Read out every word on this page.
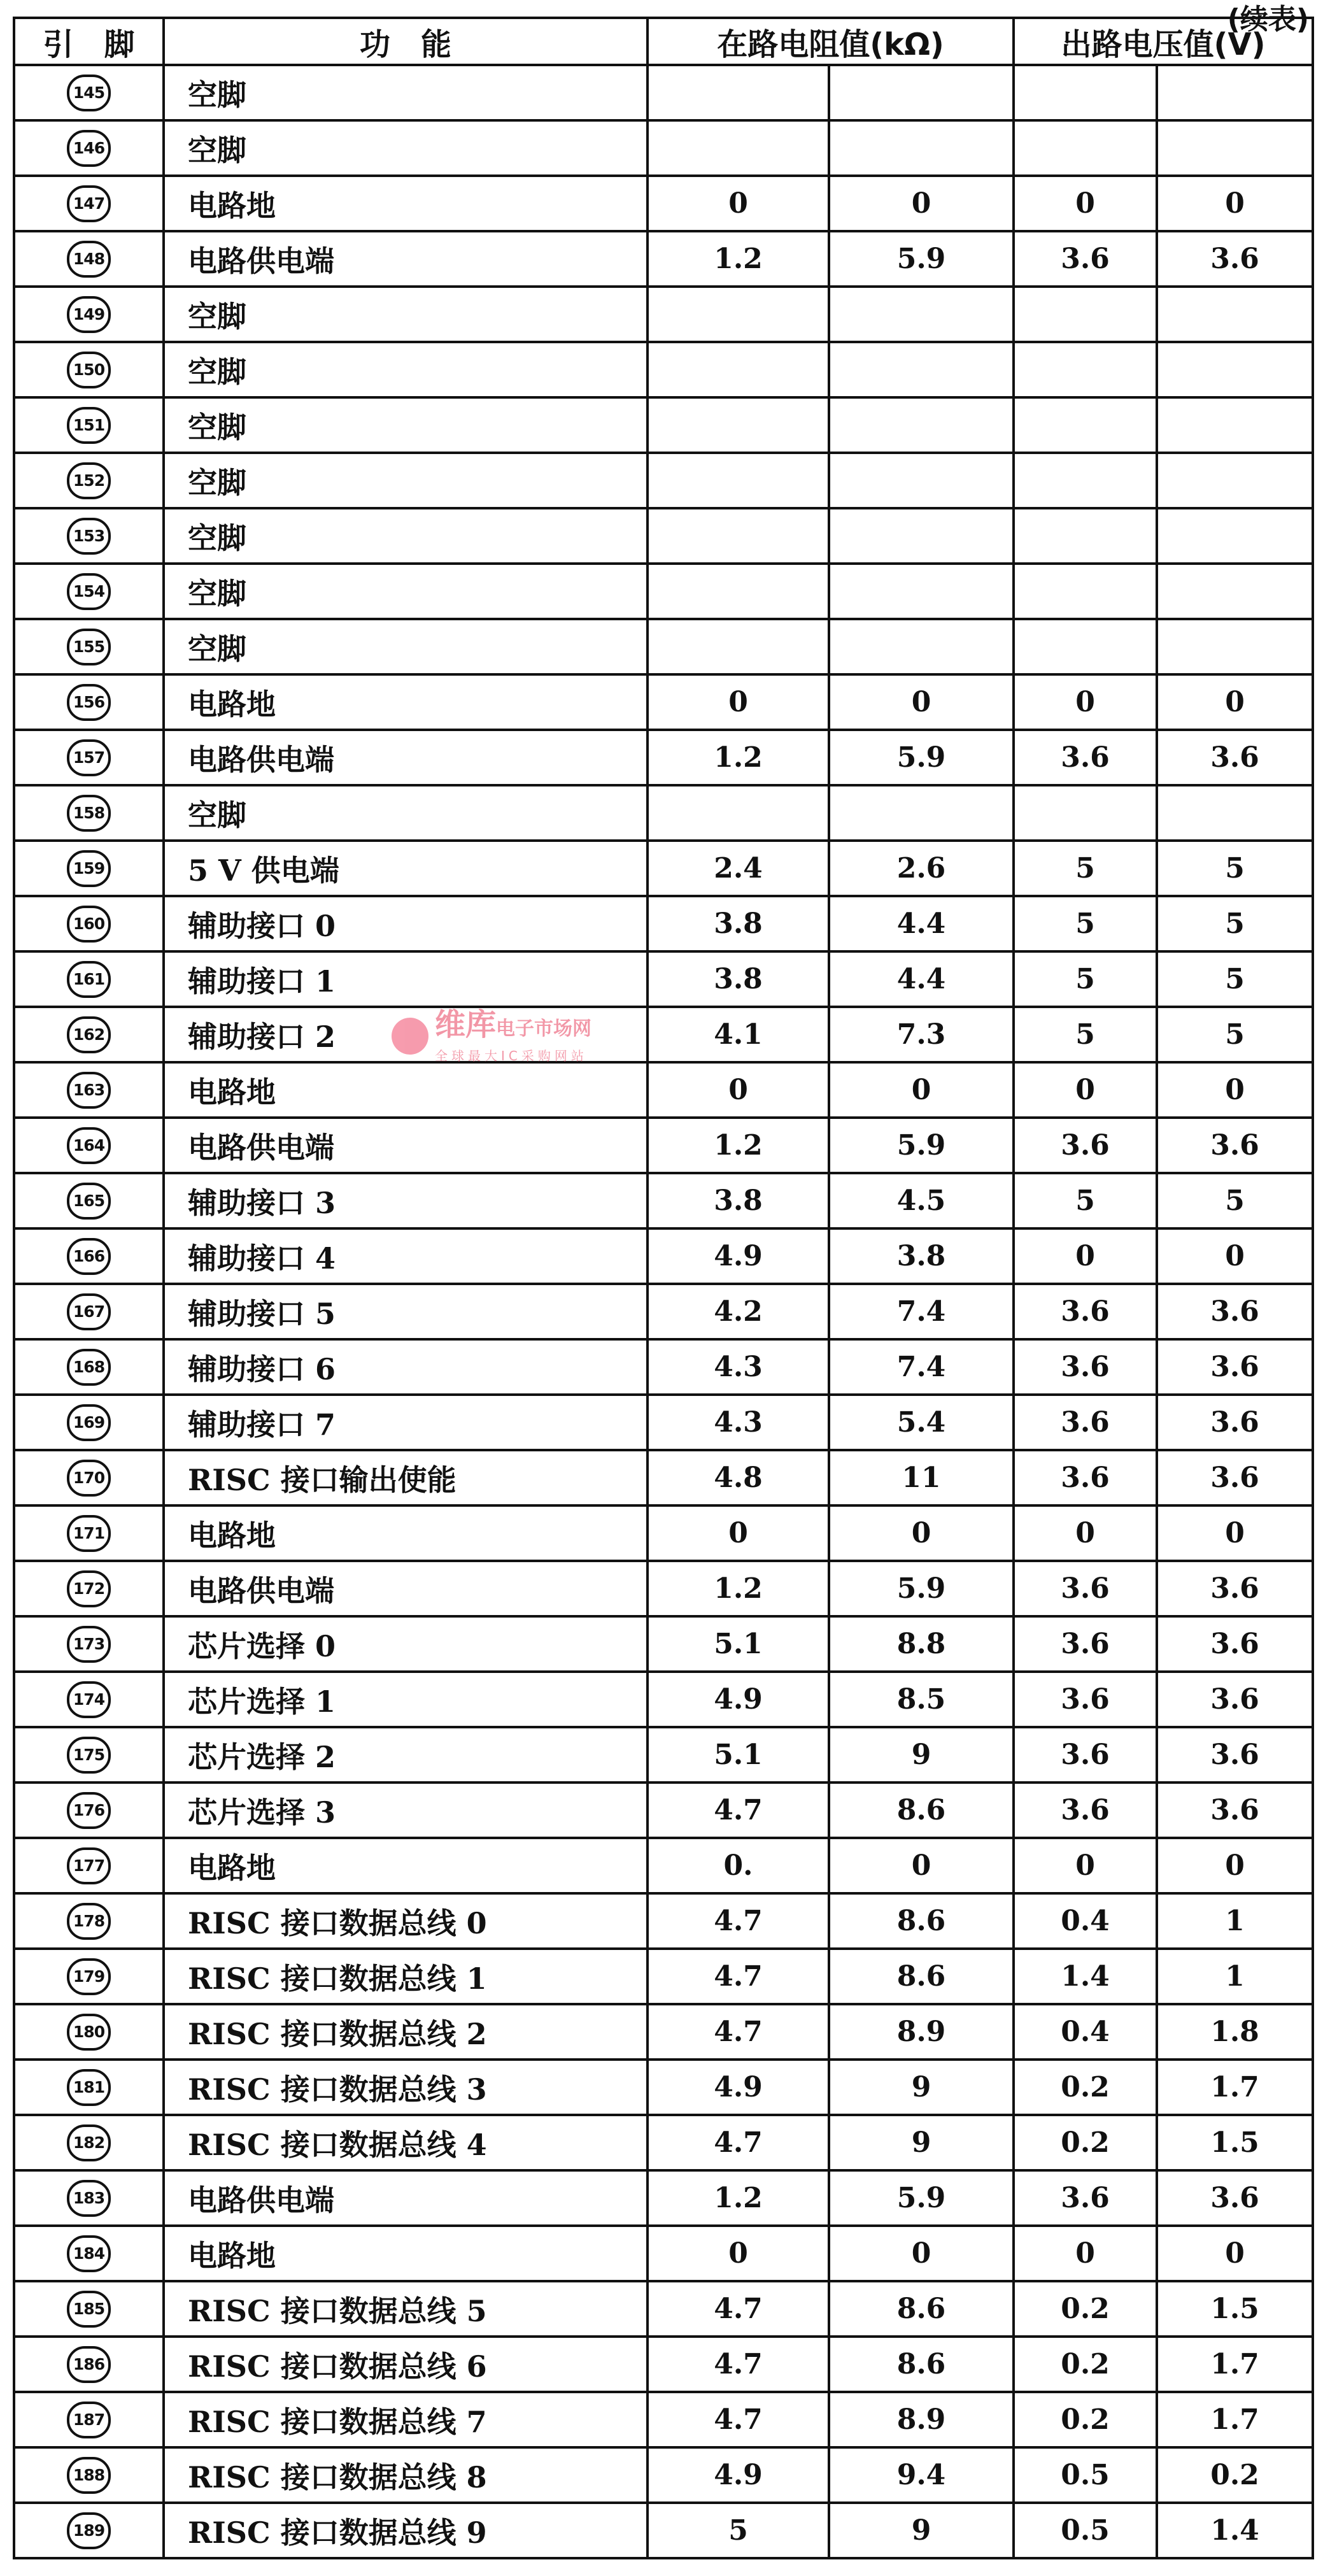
(续表)
引　脚	功　能	在路电阻值(kΩ)		出路电压值(V)	
145	空脚				
146	空脚				
147	电路地	0	0	0	0
148	电路供电端	1.2	5.9	3.6	3.6
149	空脚				
150	空脚				
151	空脚				
152	空脚				
153	空脚				
154	空脚				
155	空脚				
156	电路地	0	0	0	0
157	电路供电端	1.2	5.9	3.6	3.6
158	空脚				
159	5 V 供电端	2.4	2.6	5	5
160	辅助接口 0	3.8	4.4	5	5
161	辅助接口 1	3.8	4.4	5	5
162	辅助接口 2	4.1	7.3	5	5
163	电路地	0	0	0	0
164	电路供电端	1.2	5.9	3.6	3.6
165	辅助接口 3	3.8	4.5	5	5
166	辅助接口 4	4.9	3.8	0	0
167	辅助接口 5	4.2	7.4	3.6	3.6
168	辅助接口 6	4.3	7.4	3.6	3.6
169	辅助接口 7	4.3	5.4	3.6	3.6
170	RISC 接口输出使能	4.8	11	3.6	3.6
171	电路地	0	0	0	0
172	电路供电端	1.2	5.9	3.6	3.6
173	芯片选择 0	5.1	8.8	3.6	3.6
174	芯片选择 1	4.9	8.5	3.6	3.6
175	芯片选择 2	5.1	9	3.6	3.6
176	芯片选择 3	4.7	8.6	3.6	3.6
177	电路地	0.	0	0	0
178	RISC 接口数据总线 0	4.7	8.6	0.4	1
179	RISC 接口数据总线 1	4.7	8.6	1.4	1
180	RISC 接口数据总线 2	4.7	8.9	0.4	1.8
181	RISC 接口数据总线 3	4.9	9	0.2	1.7
182	RISC 接口数据总线 4	4.7	9	0.2	1.5
183	电路供电端	1.2	5.9	3.6	3.6
184	电路地	0	0	0	0
185	RISC 接口数据总线 5	4.7	8.6	0.2	1.5
186	RISC 接口数据总线 6	4.7	8.6	0.2	1.7
187	RISC 接口数据总线 7	4.7	8.9	0.2	1.7
188	RISC 接口数据总线 8	4.9	9.4	0.5	0.2
189	RISC 接口数据总线 9	5	9	0.5	1.4
维库电子市场网
全球最大IC采购网站
